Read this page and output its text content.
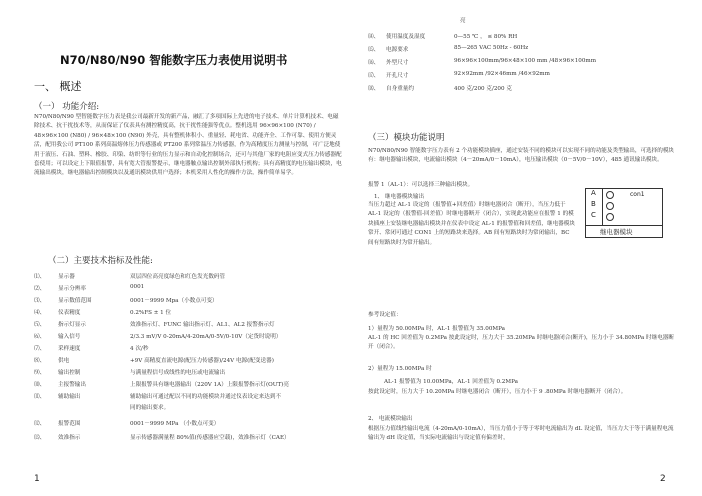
N70/N80/N90 智能数字压力表使用说明书
一、 概述
（一） 功能介绍:
N70/N80/N90 型智能数字压力表是我公司最新开发的新产品，融汇了多项国际上先进的电子技术、单片计算机技术、电磁除技术、抗干扰技术等，从而保证了仪表具有测控精度高，抗干扰性能强等优点。整机选用 96×96×100 (N70) / 48×96×100 (N80) / 96×48×100 (N90) 外壳，具有整机体积小、重量轻、耗电省、功能齐全、工作可靠、使用方便灵活，配用我公司 PT100 系列高温熔体压力传感器或 PT200 系列常温压力传感器，作为高精度压力测量与控制，可广泛地使用于液压、石油、塑料、橡胶、印染、纺织等行业的压力显示和自动化控制场合，还可与其他厂家的电阻应变式压力传感器配套使用；可以设定上下限值报警，具有宽大管报警提示，继电器触点输出控制外部执行机构；具有高精度的电压输出模块，电流输出模块，继电器输出控制模块以及通讯模块供用户选择；本机采用人性化的操作方法，操作简单易学。
（二）主要技术指标及性能:
⑴、 显示器	双层四位高亮度绿色和红色发光数码管
⑵、 显示分辨率	0001
⑶、 显示数值范围	0001－9999 Mpa（小数点可变）
⑷、 仪表精度	0.2%FS ± 1 位
⑸、 指示灯显示	效准指示灯、FUNC 输出指示灯、AL1、AL2 报警指示灯
⑹、 输入信号	2/3.3 mV/V 0-20mA/4-20mA/0-5V/0-10V（定货时说明）
⑺、 采样速度	4 次/秒
⑻、 供电	+9V 高精度直流电源(配压力传感器)/24V 电源(配变送器)
⑼、 输出控制	与满量程信号成线性的电压或电流输出
⑽、 主报警输出	上限报警具有继电器输出（220V 1A）上限报警指示灯(OUT)亮
⑾、 辅助输出	辅助输出可通过配以不同的功能模块并通过仪表设定来达到不
同的输出要求。
⑿、 报警范围	0001－9999 MPa （小数点可变）
⒀、 效准指示	显示传感器满量程 80%值(传感器应空载)，效准指示灯（CAE）
1
亮
⒁、 使用温度及湿度	0—55 ℃ ， ≤ 80% RH
⒂、 电源要求	85—265 VAC 50Hz - 60Hz
⒃、 外型尺寸	96×96×100mm/96×48×100 mm /48×96×100mm
⒄、 开孔尺寸	92×92mm /92×46mm /46×92mm
⒅、 自身重量约	400 克/200 克/200 克
（三）模块功能说明
N70/N80/N90 智能数字压力表有 2 个功能模块插座，通过安装不同的模块可以实现不同的功能及类型输出，可选择的模块有：继电器输出模块，电流输出模块（4－20mA/0－10mA），电压输出模块（0－5V/0－10V），485 通讯输出模块。
报警 1（AL-1）：可以选择三种输出模块。
1、 继电器模块输出
当压力超过 AL-1 设定的（报警值+回差值）时继电器闭合（断开），当压力低于 AL-1 设定的（报警值-回差值）时继电器断开（闭合），实现此功能应在报警 1 的模块插座上安装继电器输出模块并在仪表中设定 AL-1 的报警值和回差值，继电器模块常开、常闭可通过 CON1 上的短路块来选择。AB 间有短路块时为常闭输出，BC 间有短路块时为常开输出。
A
B
C
con1
继电器模块
参考设定值：
1）量程为 50.00MPa 时，AL-1 报警值为 35.00MPa
AL-1 的 HC 回差值为 0.2MPa 按此设定时，压力大于 35.20MPa 时继电器闭合(断开)，压力小于 34.80MPa 时继电器断开（闭合）。
2）量程为 15.00MPa 时
AL-1 报警值为 10.00MPa，AL-1 回差值为 0.2MPa
按此设定时，压力大于 10.20MPa 时继电器闭合（断开），压力小于 9 .80MPa 时继电器断开（闭合）。
2、 电流模块输出
根据压力值线性输出电流（4-20mA/0-10mA），当压力值小于等于零时电流输出为 dL 设定值，当压力大于等于满量程电流输出为 dH 设定值，当实际电流输出与设定值有偏差时，
2
